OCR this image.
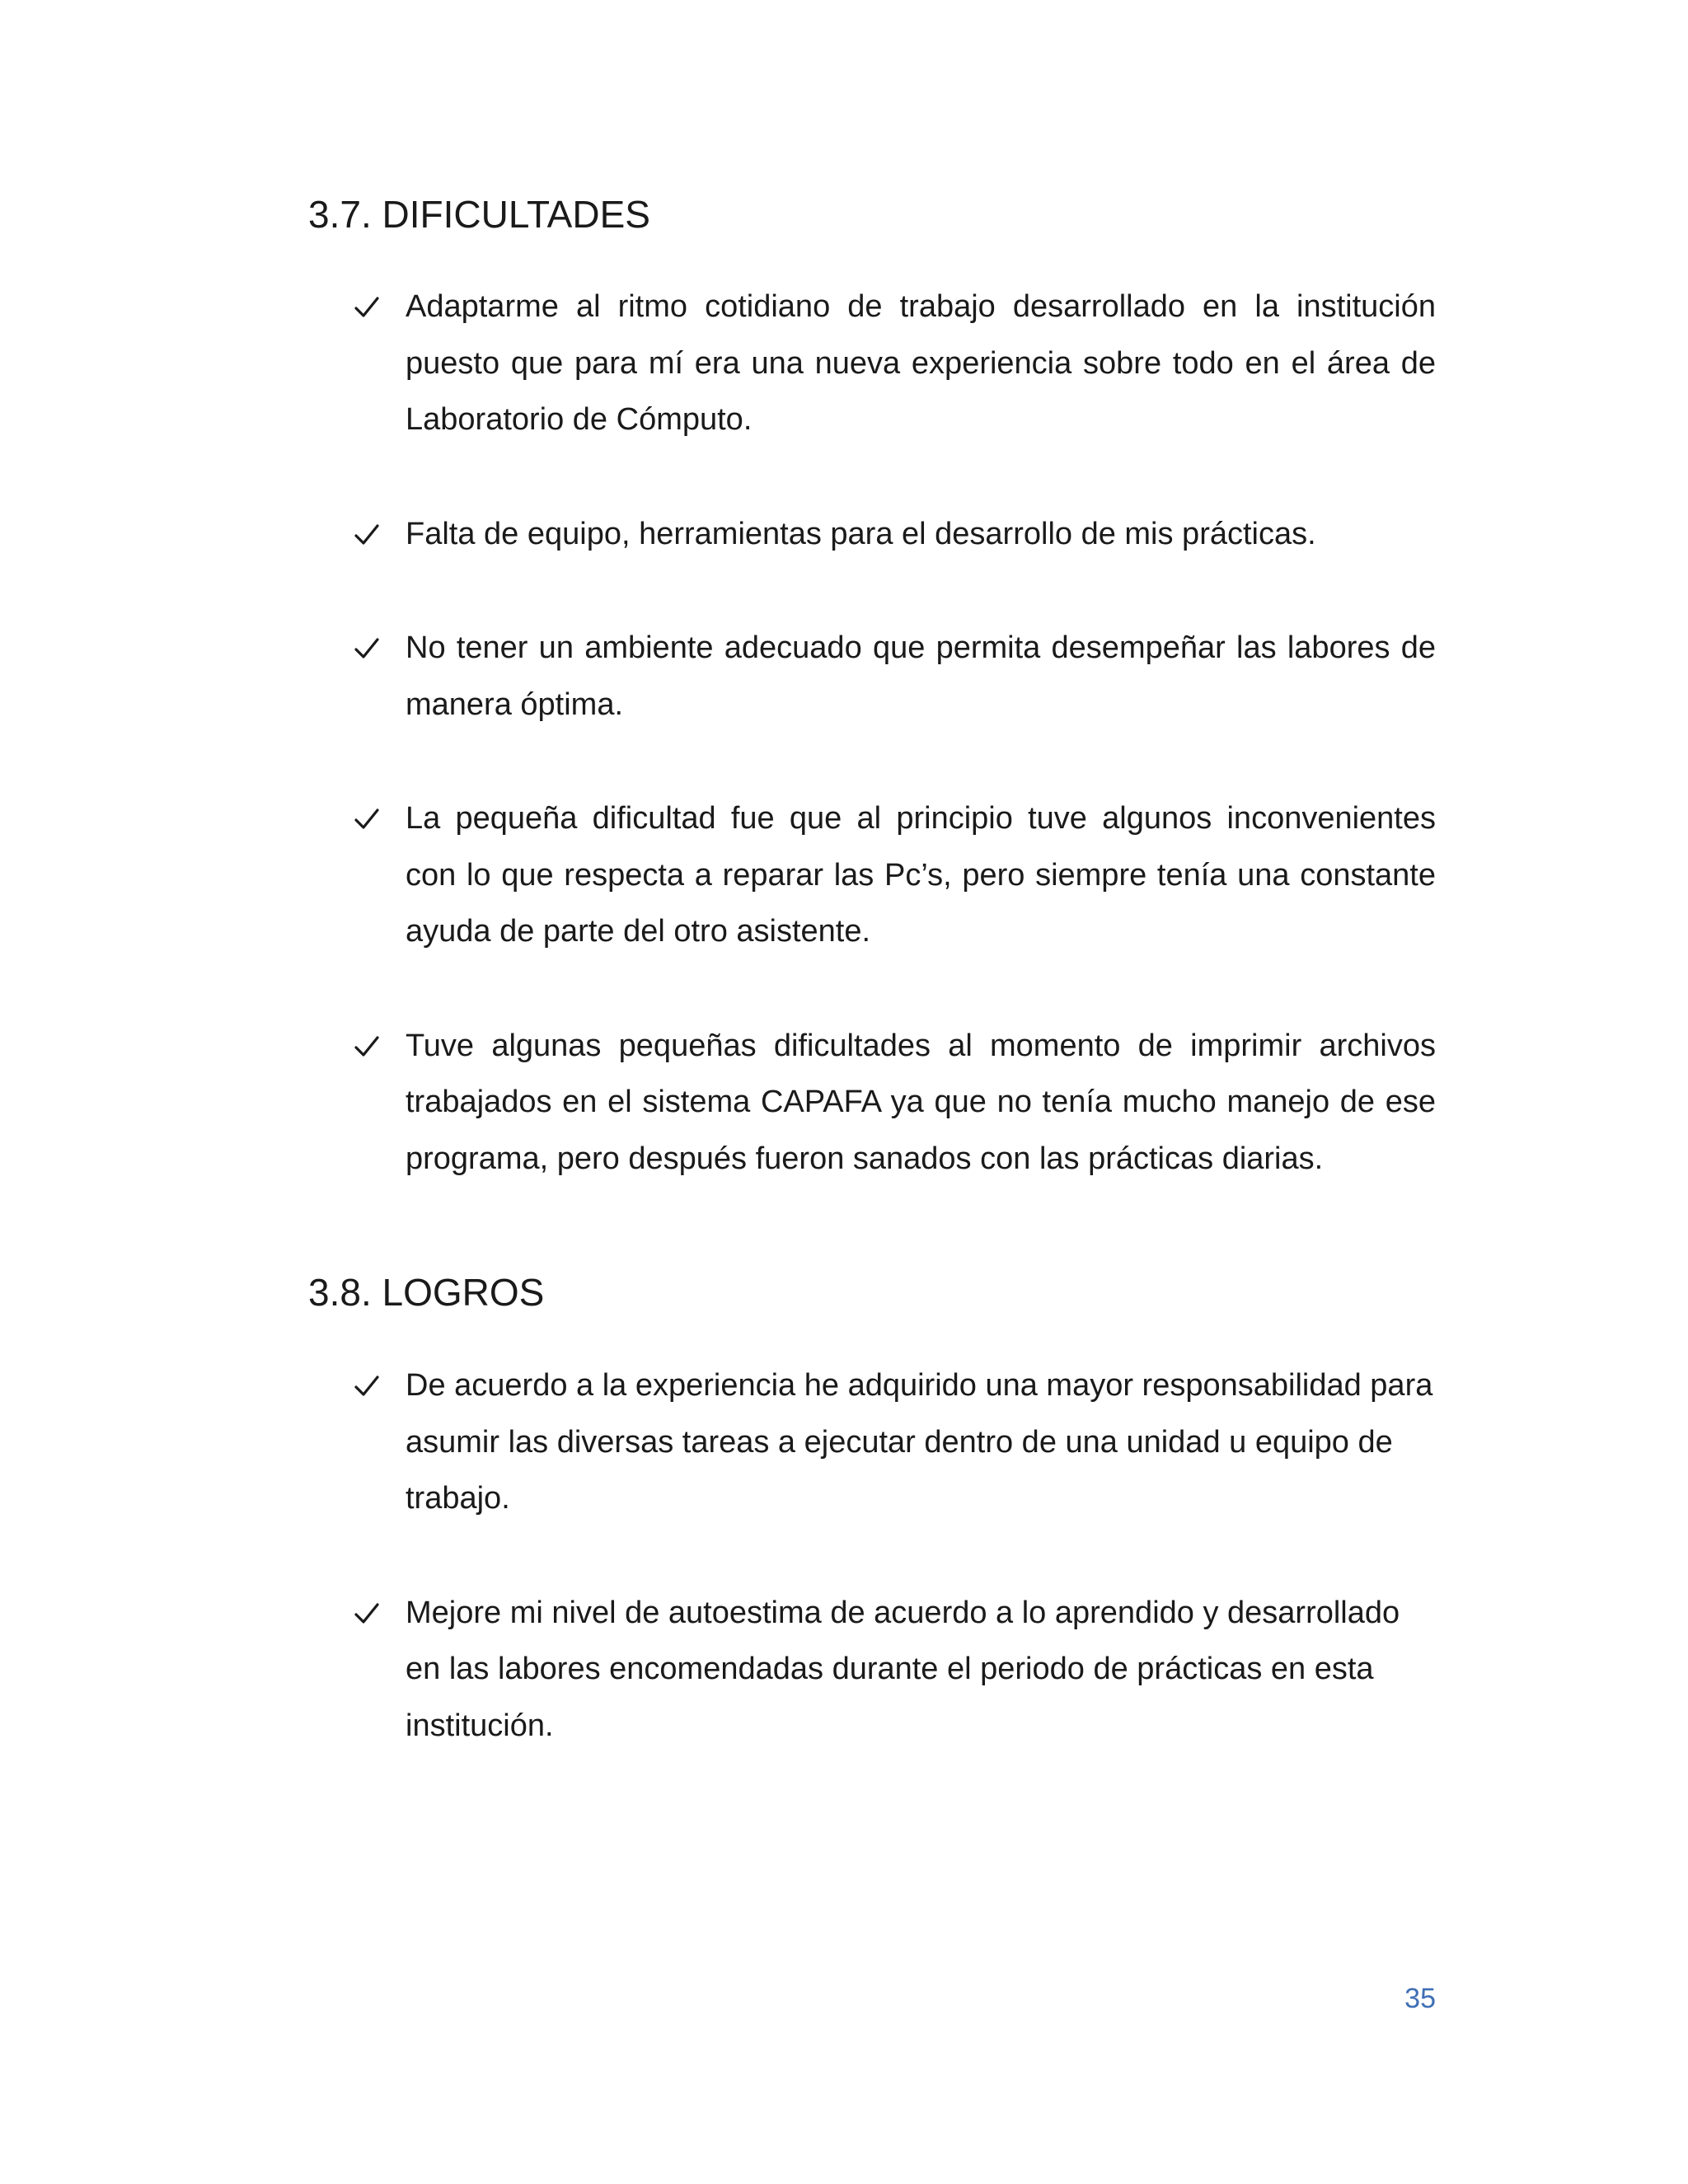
3.7. DIFICULTADES
Adaptarme al ritmo cotidiano de trabajo desarrollado en la institución puesto que para mí era una nueva experiencia sobre todo en el área de Laboratorio de Cómputo.
Falta de equipo, herramientas para el desarrollo de mis prácticas.
No tener un ambiente adecuado que permita desempeñar las labores de manera óptima.
La pequeña dificultad fue que al principio tuve algunos inconvenientes con lo que respecta a reparar las Pc’s, pero siempre tenía una constante ayuda de parte del otro asistente.
Tuve algunas pequeñas dificultades al momento de imprimir archivos trabajados en el sistema CAPAFA ya que no tenía mucho manejo de ese programa, pero después fueron sanados con las prácticas diarias.
3.8. LOGROS
De acuerdo a la experiencia he adquirido una mayor responsabilidad para asumir las diversas tareas a ejecutar dentro de una unidad u equipo de trabajo.
Mejore mi nivel de autoestima de acuerdo a lo aprendido y desarrollado en las labores encomendadas durante el periodo de prácticas en esta institución.
35
